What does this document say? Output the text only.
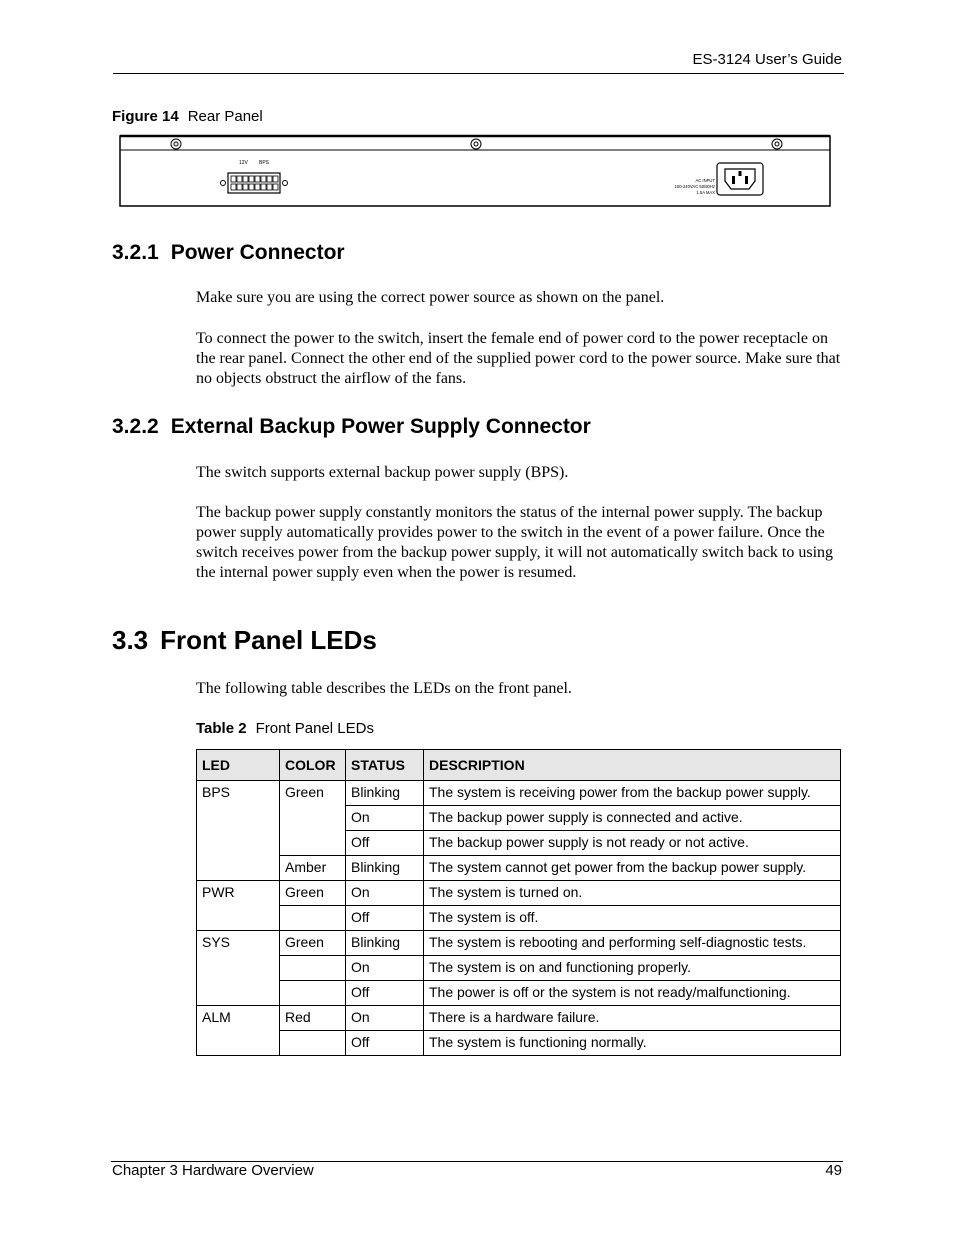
ES-3124 User’s Guide
Figure 14 Rear Panel
12V BPS
AC INPUT
100-240VAC 50/60Hz
1.5A MAX
3.2.1 Power Connector

Make sure you are using the correct power source as shown on the panel.

To connect the power to the switch, insert the female end of power cord to the power receptacle on the rear panel. Connect the other end of the supplied power cord to the power source. Make sure that no objects obstruct the airflow of the fans.

3.2.2 External Backup Power Supply Connector

The switch supports external backup power supply (BPS).

The backup power supply constantly monitors the status of the internal power supply. The backup power supply automatically provides power to the switch in the event of a power failure. Once the switch receives power from the backup power supply, it will not automatically switch back to using the internal power supply even when the power is resumed.

3.3 Front Panel LEDs

The following table describes the LEDs on the front panel.

Table 2 Front Panel LEDs
LED	COLOR	STATUS	DESCRIPTION
BPS	Green	Blinking	The system is receiving power from the backup power supply.
		On	The backup power supply is connected and active.
		Off	The backup power supply is not ready or not active.
	Amber	Blinking	The system cannot get power from the backup power supply.
PWR	Green	On	The system is turned on.
		Off	The system is off.
SYS	Green	Blinking	The system is rebooting and performing self-diagnostic tests.
		On	The system is on and functioning properly.
		Off	The power is off or the system is not ready/malfunctioning.
ALM	Red	On	There is a hardware failure.
		Off	The system is functioning normally.
Chapter 3 Hardware Overview	49
